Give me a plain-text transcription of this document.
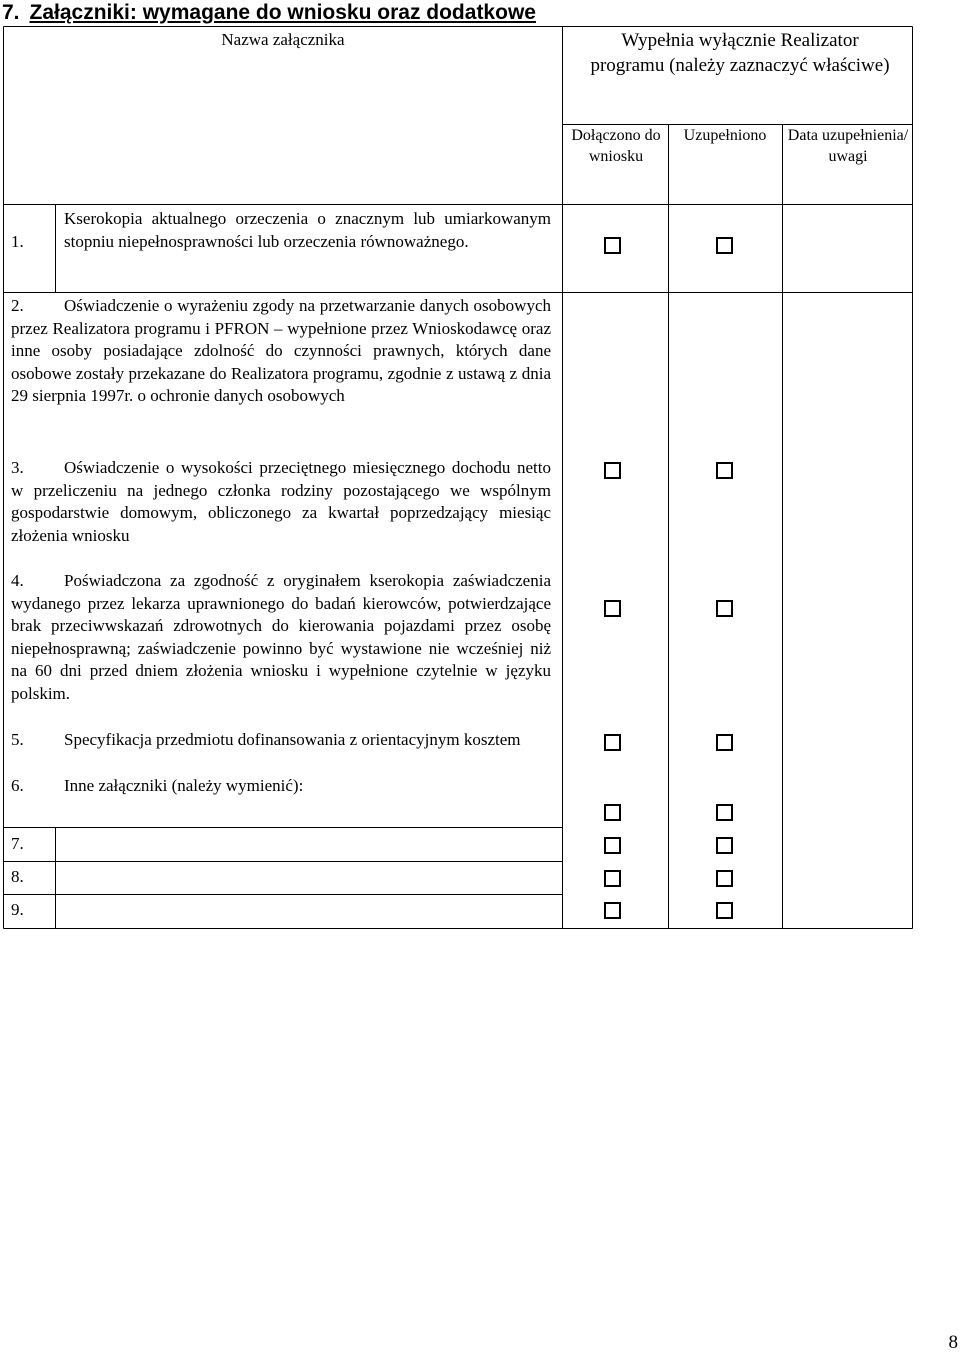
7. Załączniki: wymagane do wniosku oraz dodatkowe
Nazwa załącznika	Wypełnia wyłącznie Realizator programu (należy zaznaczyć właściwe)
Dołączono do wniosku
Uzupełniono	Data uzupełnienia/ uwagi
1.
Kserokopia aktualnego orzeczenia o znacznym lub umiarkowanym stopniu niepełnosprawności lub orzeczenia równoważnego.
2. Oświadczenie o wyrażeniu zgody na przetwarzanie danych osobowych przez Realizatora programu i PFRON – wypełnione przez Wnioskodawcę oraz inne osoby posiadające zdolność do czynności prawnych, których dane osobowe zostały przekazane do Realizatora programu, zgodnie z ustawą z dnia 29 sierpnia 1997r. o ochronie danych osobowych
3. Oświadczenie o wysokości przeciętnego miesięcznego dochodu netto w przeliczeniu na jednego członka rodziny pozostającego we wspólnym gospodarstwie domowym, obliczonego za kwartał poprzedzający miesiąc złożenia wniosku
4. Poświadczona za zgodność z oryginałem kserokopia zaświadczenia wydanego przez lekarza uprawnionego do badań kierowców, potwierdzające brak przeciwwskazań zdrowotnych do kierowania pojazdami przez osobę niepełnosprawną; zaświadczenie powinno być wystawione nie wcześniej niż na 60 dni przed dniem złożenia wniosku i wypełnione czytelnie w języku polskim.
5. Specyfikacja przedmiotu dofinansowania z orientacyjnym kosztem
6. Inne załączniki (należy wymienić):
7.
8.
9.
8
